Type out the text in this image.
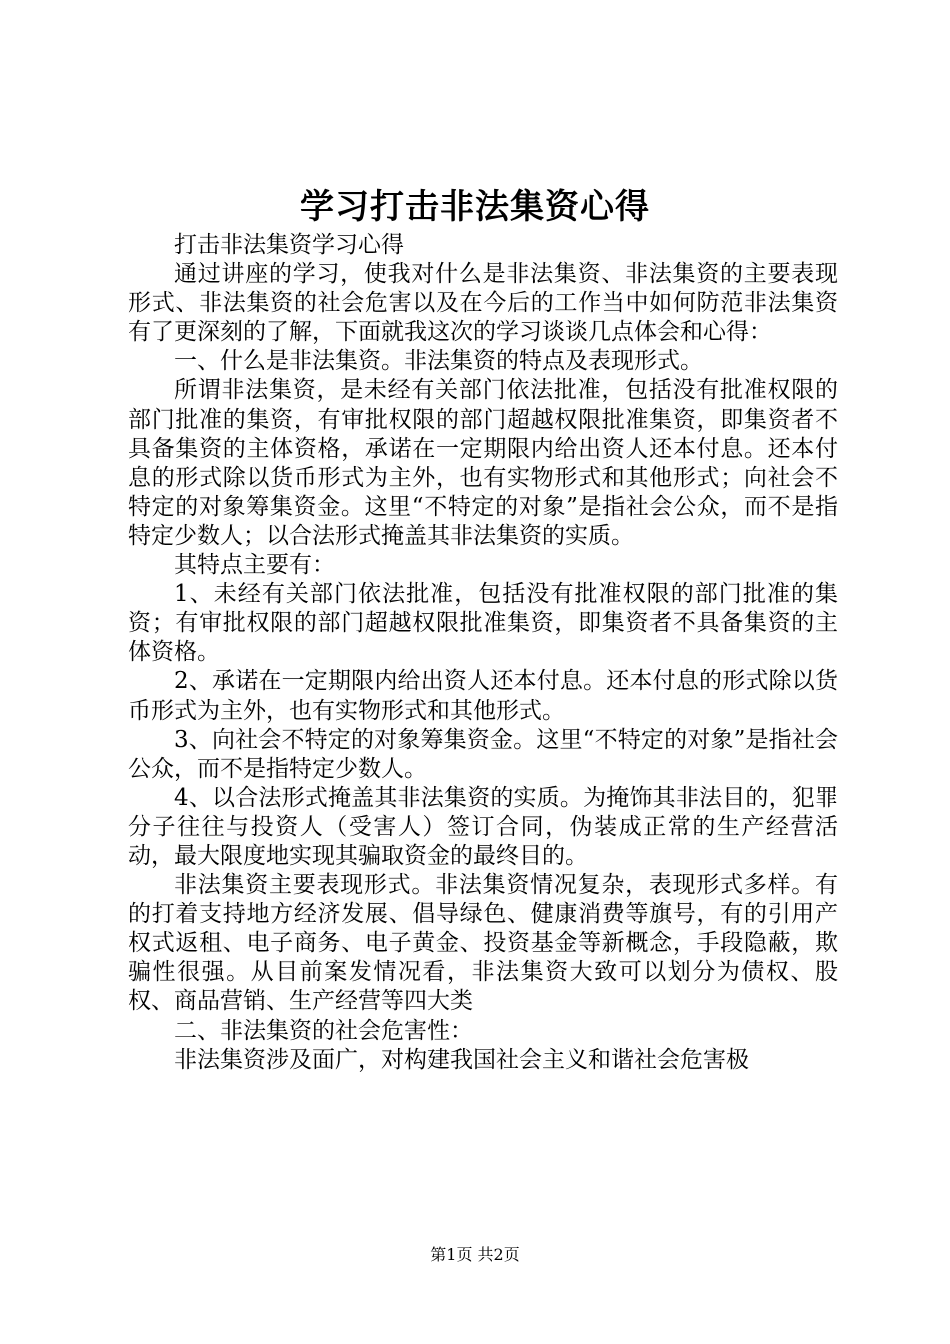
学习打击非法集资心得

打击非法集资学习心得

通过讲座的学习，使我对什么是非法集资、非法集资的主要表现形式、非法集资的社会危害以及在今后的工作当中如何防范非法集资有了更深刻的了解，下面就我这次的学习谈谈几点体会和心得：

一、什么是非法集资。非法集资的特点及表现形式。

所谓非法集资，是未经有关部门依法批准，包括没有批准权限的部门批准的集资，有审批权限的部门超越权限批准集资，即集资者不具备集资的主体资格，承诺在一定期限内给出资人还本付息。还本付息的形式除以货币形式为主外，也有实物形式和其他形式；向社会不特定的对象筹集资金。这里“不特定的对象”是指社会公众，而不是指特定少数人；以合法形式掩盖其非法集资的实质。

其特点主要有：

1、未经有关部门依法批准，包括没有批准权限的部门批准的集资；有审批权限的部门超越权限批准集资，即集资者不具备集资的主体资格。

2、承诺在一定期限内给出资人还本付息。还本付息的形式除以货币形式为主外，也有实物形式和其他形式。

3、向社会不特定的对象筹集资金。这里“不特定的对象”是指社会公众，而不是指特定少数人。

4、以合法形式掩盖其非法集资的实质。为掩饰其非法目的，犯罪分子往往与投资人（受害人）签订合同，伪装成正常的生产经营活动，最大限度地实现其骗取资金的最终目的。

非法集资主要表现形式。非法集资情况复杂，表现形式多样。有的打着支持地方经济发展、倡导绿色、健康消费等旗号，有的引用产权式返租、电子商务、电子黄金、投资基金等新概念，手段隐蔽，欺骗性很强。从目前案发情况看，非法集资大致可以划分为债权、股权、商品营销、生产经营等四大类

二、非法集资的社会危害性：

非法集资涉及面广，对构建我国社会主义和谐社会危害极

第1页 共2页
